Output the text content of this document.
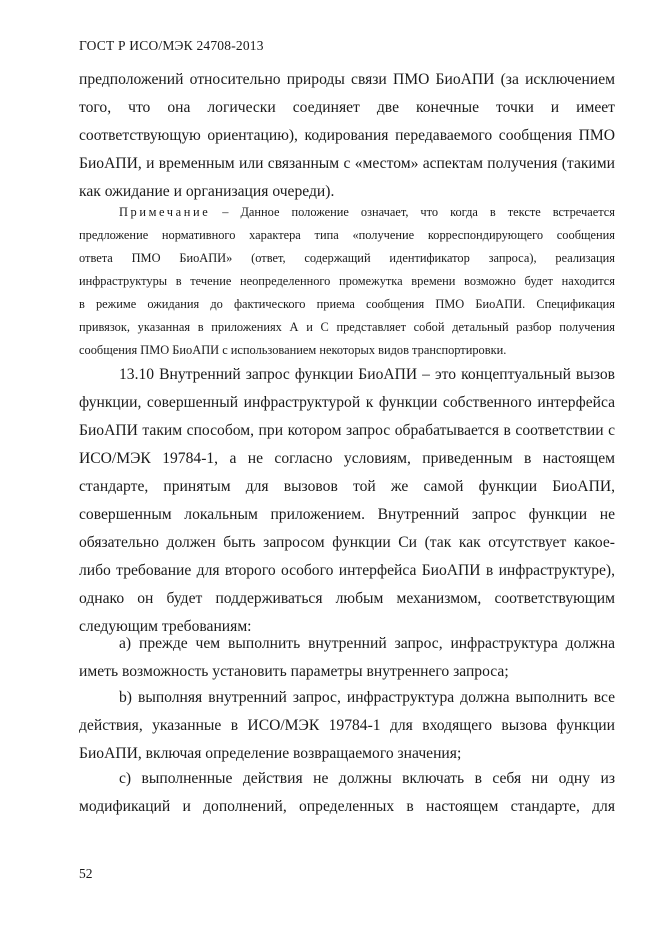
ГОСТ Р ИСО/МЭК 24708-2013
предположений относительно природы связи ПМО БиоАПИ (за исключением
того, что она логически соединяет две конечные точки и имеет
соответствующую ориентацию), кодирования передаваемого сообщения ПМО
БиоАПИ, и временным или связанным с «местом» аспектам получения (такими
как ожидание и организация очереди).
Примечание – Данное положение означает, что когда в тексте встречается
предложение нормативного характера типа «получение корреспондирующего сообщения
ответа ПМО БиоАПИ» (ответ, содержащий идентификатор запроса), реализация
инфраструктуры в течение неопределенного промежутка времени возможно будет находится
в режиме ожидания до фактического приема сообщения ПМО БиоАПИ. Спецификация
привязок, указанная в приложениях А и С представляет собой детальный разбор получения
сообщения ПМО БиоАПИ с использованием некоторых видов транспортировки.
13.10 Внутренний запрос функции БиоАПИ – это концептуальный вызов
функции, совершенный инфраструктурой к функции собственного интерфейса
БиоАПИ таким способом, при котором запрос обрабатывается в соответствии с
ИСО/МЭК 19784-1, а не согласно условиям, приведенным в настоящем
стандарте, принятым для вызовов той же самой функции БиоАПИ,
совершенным локальным приложением. Внутренний запрос функции не
обязательно должен быть запросом функции Си (так как отсутствует какое-
либо требование для второго особого интерфейса БиоАПИ в инфраструктуре),
однако он будет поддерживаться любым механизмом, соответствующим
следующим требованиям:
а) прежде чем выполнить внутренний запрос, инфраструктура должна
иметь возможность установить параметры внутреннего запроса;
b) выполняя внутренний запрос, инфраструктура должна выполнить все
действия, указанные в ИСО/МЭК 19784-1 для входящего вызова функции
БиоАПИ, включая определение возвращаемого значения;
c) выполненные действия не должны включать в себя ни одну из
модификаций и дополнений, определенных в настоящем стандарте, для
52
